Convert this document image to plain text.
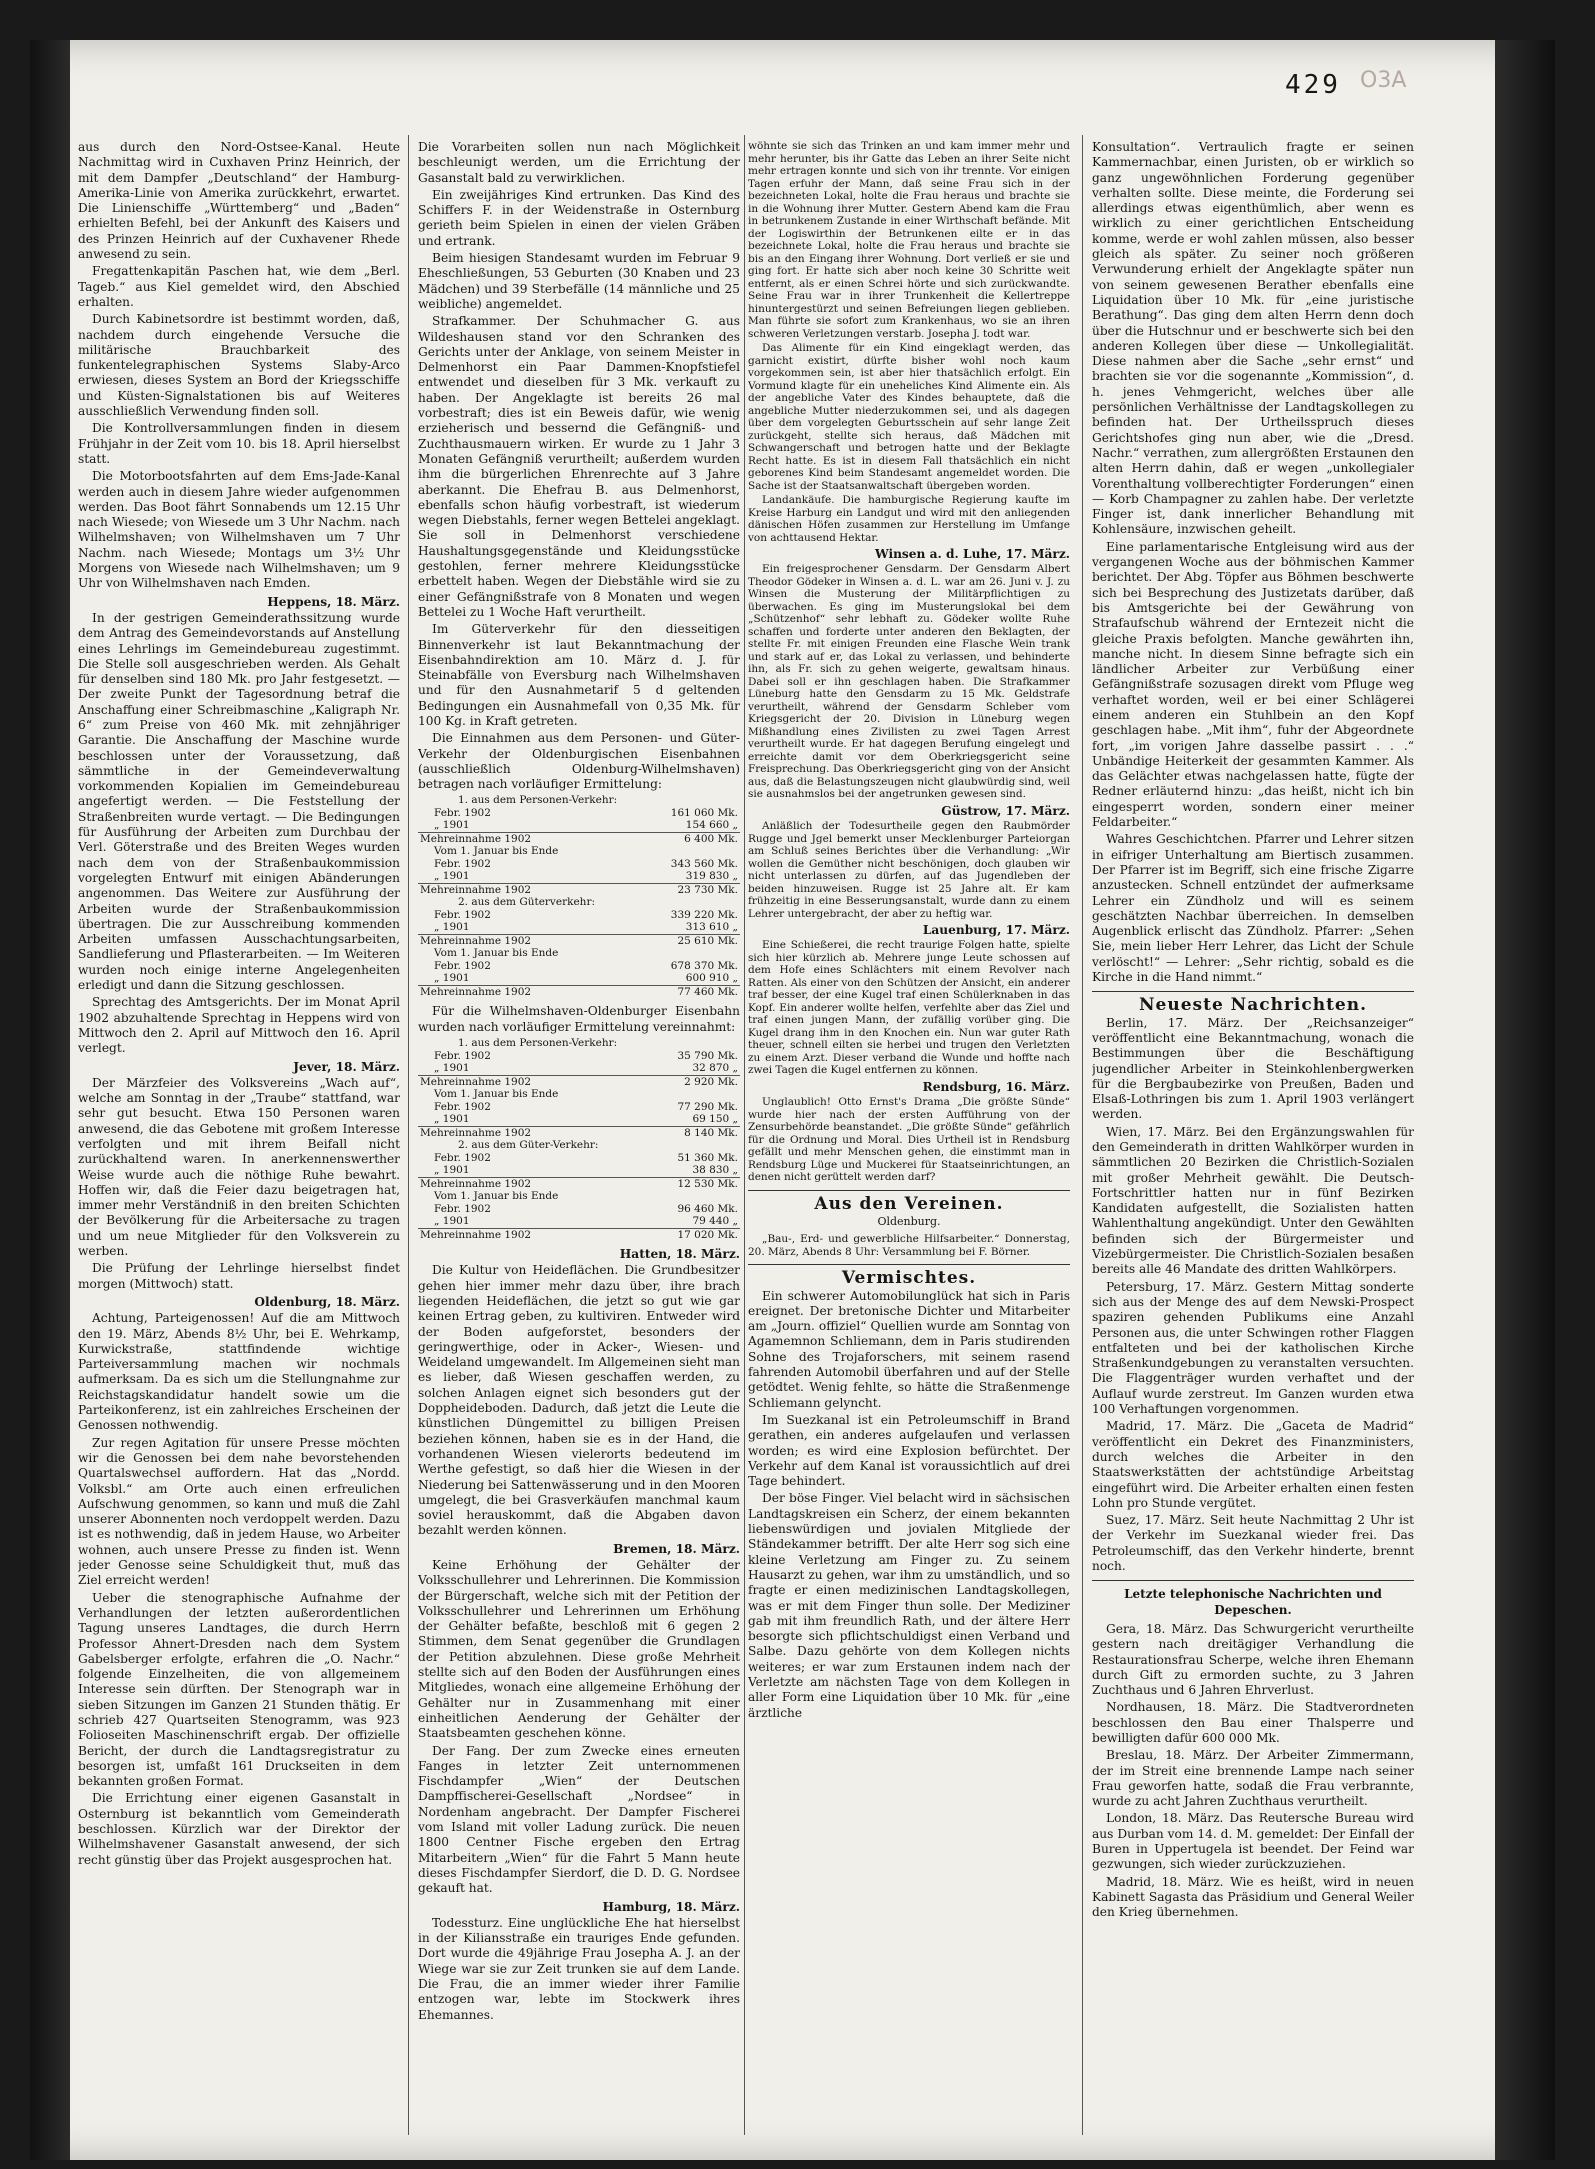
429 O3A

aus durch den Nord-Ostsee-Kanal. Heute Nachmittag wird in Cuxhaven Prinz Heinrich, der mit dem Dampfer „Deutschland“ der Hamburg-Amerika-Linie von Amerika zurückkehrt, erwartet. Die Linienschiffe „Württemberg“ und „Baden“ erhielten Befehl, bei der Ankunft des Kaisers und des Prinzen Heinrich auf der Cuxhavener Rhede anwesend zu sein.

Fregattenkapitän Paschen hat, wie dem „Berl. Tageb.“ aus Kiel gemeldet wird, den Abschied erhalten.

Durch Kabinetsordre ist bestimmt worden, daß, nachdem durch eingehende Versuche die militärische Brauchbarkeit des funkentelegraphischen Systems Slaby-Arco erwiesen, dieses System an Bord der Kriegsschiffe und Küsten-Signalstationen bis auf Weiteres ausschließlich Verwendung finden soll.

Die Kontrollversammlungen finden in diesem Frühjahr in der Zeit vom 10. bis 18. April hierselbst statt.

Die Motorbootsfahrten auf dem Ems-Jade-Kanal werden auch in diesem Jahre wieder aufgenommen werden. Das Boot fährt Sonnabends um 12.15 Uhr nach Wiesede; von Wiesede um 3 Uhr Nachm. nach Wilhelmshaven; von Wilhelmshaven um 7 Uhr Nachm. nach Wiesede; Montags um 3½ Uhr Morgens von Wiesede nach Wilhelmshaven; um 9 Uhr von Wilhelmshaven nach Emden.

Heppens, 18. März.

In der gestrigen Gemeinderathssitzung wurde dem Antrag des Gemeindevorstands auf Anstellung eines Lehrlings im Gemeindebureau zugestimmt. Die Stelle soll ausgeschrieben werden. Als Gehalt für denselben sind 180 Mk. pro Jahr festgesetzt. — Der zweite Punkt der Tagesordnung betraf die Anschaffung einer Schreibmaschine „Kaligraph Nr. 6“ zum Preise von 460 Mk. mit zehnjähriger Garantie. Die Anschaffung der Maschine wurde beschlossen unter der Voraussetzung, daß sämmtliche in der Gemeindeverwaltung vorkommenden Kopialien im Gemeindebureau angefertigt werden. — Die Feststellung der Straßenbreiten wurde vertagt. — Die Bedingungen für Ausführung der Arbeiten zum Durchbau der Verl. Göterstraße und des Breiten Weges wurden nach dem von der Straßenbaukommission vorgelegten Entwurf mit einigen Abänderungen angenommen. Das Weitere zur Ausführung der Arbeiten wurde der Straßenbaukommission übertragen. Die zur Ausschreibung kommenden Arbeiten umfassen Ausschachtungsarbeiten, Sandlieferung und Pflasterarbeiten. — Im Weiteren wurden noch einige interne Angelegenheiten erledigt und dann die Sitzung geschlossen.

Sprechtag des Amtsgerichts. Der im Monat April 1902 abzuhaltende Sprechtag in Heppens wird von Mittwoch den 2. April auf Mittwoch den 16. April verlegt.

Jever, 18. März.

Der Märzfeier des Volksvereins „Wach auf“, welche am Sonntag in der „Traube“ stattfand, war sehr gut besucht. Etwa 150 Personen waren anwesend, die das Gebotene mit großem Interesse verfolgten und mit ihrem Beifall nicht zurückhaltend waren. In anerkennenswerther Weise wurde auch die nöthige Ruhe bewahrt. Hoffen wir, daß die Feier dazu beigetragen hat, immer mehr Verständniß in den breiten Schichten der Bevölkerung für die Arbeitersache zu tragen und um neue Mitglieder für den Volksverein zu werben.

Die Prüfung der Lehrlinge hierselbst findet morgen (Mittwoch) statt.

Oldenburg, 18. März.

Achtung, Parteigenossen! Auf die am Mittwoch den 19. März, Abends 8½ Uhr, bei E. Wehrkamp, Kurwickstraße, stattfindende wichtige Parteiversammlung machen wir nochmals aufmerksam. Da es sich um die Stellungnahme zur Reichstagskandidatur handelt sowie um die Parteikonferenz, ist ein zahlreiches Erscheinen der Genossen nothwendig.

Zur regen Agitation für unsere Presse möchten wir die Genossen bei dem nahe bevorstehenden Quartalswechsel auffordern. Hat das „Nordd. Volksbl.“ am Orte auch einen erfreulichen Aufschwung genommen, so kann und muß die Zahl unserer Abonnenten noch verdoppelt werden. Dazu ist es nothwendig, daß in jedem Hause, wo Arbeiter wohnen, auch unsere Presse zu finden ist. Wenn jeder Genosse seine Schuldigkeit thut, muß das Ziel erreicht werden!

Ueber die stenographische Aufnahme der Verhandlungen der letzten außerordentlichen Tagung unseres Landtages, die durch Herrn Professor Ahnert-Dresden nach dem System Gabelsberger erfolgte, erfahren die „O. Nachr.“ folgende Einzelheiten, die von allgemeinem Interesse sein dürften. Der Stenograph war in sieben Sitzungen im Ganzen 21 Stunden thätig. Er schrieb 427 Quartseiten Stenogramm, was 923 Folioseiten Maschinenschrift ergab. Der offizielle Bericht, der durch die Landtagsregistratur zu besorgen ist, umfaßt 161 Druckseiten in dem bekannten großen Format.

Die Errichtung einer eigenen Gasanstalt in Osternburg ist bekanntlich vom Gemeinderath beschlossen. Kürzlich war der Direktor der Wilhelmshavener Gasanstalt anwesend, der sich recht günstig über das Projekt ausgesprochen hat.

Die Vorarbeiten sollen nun nach Möglichkeit beschleunigt werden, um die Errichtung der Gasanstalt bald zu verwirklichen.

Ein zweijähriges Kind ertrunken. Das Kind des Schiffers F. in der Weidenstraße in Osternburg gerieth beim Spielen in einen der vielen Gräben und ertrank.

Beim hiesigen Standesamt wurden im Februar 9 Eheschließungen, 53 Geburten (30 Knaben und 23 Mädchen) und 39 Sterbefälle (14 männliche und 25 weibliche) angemeldet.

Strafkammer. Der Schuhmacher G. aus Wildeshausen stand vor den Schranken des Gerichts unter der Anklage, von seinem Meister in Delmenhorst ein Paar Dammen-Knopfstiefel entwendet und dieselben für 3 Mk. verkauft zu haben. Der Angeklagte ist bereits 26 mal vorbestraft; dies ist ein Beweis dafür, wie wenig erzieherisch und bessernd die Gefängniß- und Zuchthausmauern wirken. Er wurde zu 1 Jahr 3 Monaten Gefängniß verurtheilt; außerdem wurden ihm die bürgerlichen Ehrenrechte auf 3 Jahre aberkannt. Die Ehefrau B. aus Delmenhorst, ebenfalls schon häufig vorbestraft, ist wiederum wegen Diebstahls, ferner wegen Bettelei angeklagt. Sie soll in Delmenhorst verschiedene Haushaltungsgegenstände und Kleidungsstücke gestohlen, ferner mehrere Kleidungsstücke erbettelt haben. Wegen der Diebstähle wird sie zu einer Gefängnißstrafe von 8 Monaten und wegen Bettelei zu 1 Woche Haft verurtheilt.

Im Güterverkehr für den diesseitigen Binnenverkehr ist laut Bekanntmachung der Eisenbahndirektion am 10. März d. J. für Steinabfälle von Eversburg nach Wilhelmshaven und für den Ausnahmetarif 5 d geltenden Bedingungen ein Ausnahmefall von 0,35 Mk. für 100 Kg. in Kraft getreten.

Die Einnahmen aus dem Personen- und Güter-Verkehr der Oldenburgischen Eisenbahnen (ausschließlich Oldenburg-Wilhelmshaven) betragen nach vorläufiger Ermittelung:

1. aus dem Personen-Verkehr:	
Febr. 1902	161 060 Mk.
„ 1901	154 660 „
Mehreinnahme 1902	6 400 Mk.
Vom 1. Januar bis Ende	
Febr. 1902	343 560 Mk.
„ 1901	319 830 „
Mehreinnahme 1902	23 730 Mk.
2. aus dem Güterverkehr:	
Febr. 1902	339 220 Mk.
„ 1901	313 610 „
Mehreinnahme 1902	25 610 Mk.
Vom 1. Januar bis Ende	
Febr. 1902	678 370 Mk.
„ 1901	600 910 „
Mehreinnahme 1902	77 460 Mk.

Für die Wilhelmshaven-Oldenburger Eisenbahn wurden nach vorläufiger Ermittelung vereinnahmt:

1. aus dem Personen-Verkehr:	
Febr. 1902	35 790 Mk.
„ 1901	32 870 „
Mehreinnahme 1902	2 920 Mk.
Vom 1. Januar bis Ende	
Febr. 1902	77 290 Mk.
„ 1901	69 150 „
Mehreinnahme 1902	8 140 Mk.
2. aus dem Güter-Verkehr:	
Febr. 1902	51 360 Mk.
„ 1901	38 830 „
Mehreinnahme 1902	12 530 Mk.
Vom 1. Januar bis Ende	
Febr. 1902	96 460 Mk.
„ 1901	79 440 „
Mehreinnahme 1902	17 020 Mk.

Hatten, 18. März.

Die Kultur von Heideflächen. Die Grundbesitzer gehen hier immer mehr dazu über, ihre brach liegenden Heideflächen, die jetzt so gut wie gar keinen Ertrag geben, zu kultiviren. Entweder wird der Boden aufgeforstet, besonders der geringwerthige, oder in Acker-, Wiesen- und Weideland umgewandelt. Im Allgemeinen sieht man es lieber, daß Wiesen geschaffen werden, zu solchen Anlagen eignet sich besonders gut der Doppheideboden. Dadurch, daß jetzt die Leute die künstlichen Düngemittel zu billigen Preisen beziehen können, haben sie es in der Hand, die vorhandenen Wiesen vielerorts bedeutend im Werthe gefestigt, so daß hier die Wiesen in der Niederung bei Sattenwässerung und in den Mooren umgelegt, die bei Grasverkäufen manchmal kaum soviel herauskommt, daß die Abgaben davon bezahlt werden können.

Bremen, 18. März.

Keine Erhöhung der Gehälter der Volksschullehrer und Lehrerinnen. Die Kommission der Bürgerschaft, welche sich mit der Petition der Volksschullehrer und Lehrerinnen um Erhöhung der Gehälter befaßte, beschloß mit 6 gegen 2 Stimmen, dem Senat gegenüber die Grundlagen der Petition abzulehnen. Diese große Mehrheit stellte sich auf den Boden der Ausführungen eines Mitgliedes, wonach eine allgemeine Erhöhung der Gehälter nur in Zusammenhang mit einer einheitlichen Aenderung der Gehälter der Staatsbeamten geschehen könne.

Der Fang. Der zum Zwecke eines erneuten Fanges in letzter Zeit unternommenen Fischdampfer „Wien“ der Deutschen Dampffischerei-Gesellschaft „Nordsee“ in Nordenham angebracht. Der Dampfer Fischerei vom Island mit voller Ladung zurück. Die neuen 1800 Centner Fische ergeben den Ertrag Mitarbeitern „Wien“ für die Fahrt 5 Mann heute dieses Fischdampfer Sierdorf, die D. D. G. Nordsee gekauft hat.

Hamburg, 18. März.

Todessturz. Eine unglückliche Ehe hat hierselbst in der Kiliansstraße ein trauriges Ende gefunden. Dort wurde die 49jährige Frau Josepha A. J. an der Wiege war sie zur Zeit trunken sie auf dem Lande. Die Frau, die an immer wieder ihrer Familie entzogen war, lebte im Stockwerk ihres Ehemannes.

wöhnte sie sich das Trinken an und kam immer mehr und mehr herunter, bis ihr Gatte das Leben an ihrer Seite nicht mehr ertragen konnte und sich von ihr trennte. Vor einigen Tagen erfuhr der Mann, daß seine Frau sich in der bezeichneten Lokal, holte die Frau heraus und brachte sie in die Wohnung ihrer Mutter. Gestern Abend kam die Frau in betrunkenem Zustande in einer Wirthschaft befände. Mit der Logiswirthin der Betrunkenen eilte er in das bezeichnete Lokal, holte die Frau heraus und brachte sie bis an den Eingang ihrer Wohnung. Dort verließ er sie und ging fort. Er hatte sich aber noch keine 30 Schritte weit entfernt, als er einen Schrei hörte und sich zurückwandte. Seine Frau war in ihrer Trunkenheit die Kellertreppe hinuntergestürzt und seinen Befreiungen liegen geblieben. Man führte sie sofort zum Krankenhaus, wo sie an ihren schweren Verletzungen verstarb. Josepha J. todt war.

Das Alimente für ein Kind eingeklagt werden, das garnicht existirt, dürfte bisher wohl noch kaum vorgekommen sein, ist aber hier thatsächlich erfolgt. Ein Vormund klagte für ein uneheliches Kind Alimente ein. Als der angebliche Vater des Kindes behauptete, daß die angebliche Mutter niederzukommen sei, und als dagegen über dem vorgelegten Geburtsschein auf sehr lange Zeit zurückgeht, stellte sich heraus, daß Mädchen mit Schwangerschaft und betrogen hatte und der Beklagte Recht hatte. Es ist in diesem Fall thatsächlich ein nicht geborenes Kind beim Standesamt angemeldet worden. Die Sache ist der Staatsanwaltschaft übergeben worden.

Landankäufe. Die hamburgische Regierung kaufte im Kreise Harburg ein Landgut und wird mit den anliegenden dänischen Höfen zusammen zur Herstellung im Umfange von achttausend Hektar.

Winsen a. d. Luhe, 17. März.

Ein freigesprochener Gensdarm. Der Gensdarm Albert Theodor Gödeker in Winsen a. d. L. war am 26. Juni v. J. zu Winsen die Musterung der Militärpflichtigen zu überwachen. Es ging im Musterungslokal bei dem „Schützenhof“ sehr lebhaft zu. Gödeker wollte Ruhe schaffen und forderte unter anderen den Beklagten, der stellte Fr. mit einigen Freunden eine Flasche Wein trank und stark auf er, das Lokal zu verlassen, und behinderte ihn, als Fr. sich zu gehen weigerte, gewaltsam hinaus. Dabei soll er ihn geschlagen haben. Die Strafkammer Lüneburg hatte den Gensdarm zu 15 Mk. Geldstrafe verurtheilt, während der Gensdarm Schleber vom Kriegsgericht der 20. Division in Lüneburg wegen Mißhandlung eines Zivilisten zu zwei Tagen Arrest verurtheilt wurde. Er hat dagegen Berufung eingelegt und erreichte damit vor dem Oberkriegsgericht seine Freisprechung. Das Oberkriegsgericht ging von der Ansicht aus, daß die Belastungszeugen nicht glaubwürdig sind, weil sie ausnahmslos bei der angetrunken gewesen sind.

Güstrow, 17. März.

Anläßlich der Todesurtheile gegen den Raubmörder Rugge und Jgel bemerkt unser Mecklenburger Parteiorgan am Schluß seines Berichtes über die Verhandlung: „Wir wollen die Gemüther nicht beschönigen, doch glauben wir nicht unterlassen zu dürfen, auf das Jugendleben der beiden hinzuweisen. Rugge ist 25 Jahre alt. Er kam frühzeitig in eine Besserungsanstalt, wurde dann zu einem Lehrer untergebracht, der aber zu heftig war.

Lauenburg, 17. März.

Eine Schießerei, die recht traurige Folgen hatte, spielte sich hier kürzlich ab. Mehrere junge Leute schossen auf dem Hofe eines Schlächters mit einem Revolver nach Ratten. Als einer von den Schützen der Ansicht, ein anderer traf besser, der eine Kugel traf einen Schülerknaben in das Kopf. Ein anderer wollte helfen, verfehlte aber das Ziel und traf einen jungen Mann, der zufällig vorüber ging. Die Kugel drang ihm in den Knochen ein. Nun war guter Rath theuer, schnell eilten sie herbei und trugen den Verletzten zu einem Arzt. Dieser verband die Wunde und hoffte nach zwei Tagen die Kugel entfernen zu können.

Rendsburg, 16. März.

Unglaublich! Otto Ernst's Drama „Die größte Sünde“ wurde hier nach der ersten Aufführung von der Zensurbehörde beanstandet. „Die größte Sünde“ gefährlich für die Ordnung und Moral. Dies Urtheil ist in Rendsburg gefällt und mehr Menschen gehen, die einstimmt man in Rendsburg Lüge und Muckerei für Staatseinrichtungen, an denen nicht gerüttelt werden darf?

Aus den Vereinen.

Oldenburg.

„Bau-, Erd- und gewerbliche Hilfsarbeiter.“ Donnerstag, 20. März, Abends 8 Uhr: Versammlung bei F. Börner.

Vermischtes.

Ein schwerer Automobilunglück hat sich in Paris ereignet. Der bretonische Dichter und Mitarbeiter am „Journ. offiziel“ Quellien wurde am Sonntag von Agamemnon Schliemann, dem in Paris studirenden Sohne des Trojaforschers, mit seinem rasend fahrenden Automobil überfahren und auf der Stelle getödtet. Wenig fehlte, so hätte die Straßenmenge Schliemann gelyncht.

Im Suezkanal ist ein Petroleumschiff in Brand gerathen, ein anderes aufgelaufen und verlassen worden; es wird eine Explosion befürchtet. Der Verkehr auf dem Kanal ist voraussichtlich auf drei Tage behindert.

Der böse Finger. Viel belacht wird in sächsischen Landtagskreisen ein Scherz, der einem bekannten liebenswürdigen und jovialen Mitgliede der Ständekammer betrifft. Der alte Herr sog sich eine kleine Verletzung am Finger zu. Zu seinem Hausarzt zu gehen, war ihm zu umständlich, und so fragte er einen medizinischen Landtagskollegen, was er mit dem Finger thun solle. Der Mediziner gab mit ihm freundlich Rath, und der ältere Herr besorgte sich pflichtschuldigst einen Verband und Salbe. Dazu gehörte von dem Kollegen nichts weiteres; er war zum Erstaunen indem nach der Verletzte am nächsten Tage von dem Kollegen in aller Form eine Liquidation über 10 Mk. für „eine ärztliche

Konsultation“. Vertraulich fragte er seinen Kammernachbar, einen Juristen, ob er wirklich so ganz ungewöhnlichen Forderung gegenüber verhalten sollte. Diese meinte, die Forderung sei allerdings etwas eigenthümlich, aber wenn es wirklich zu einer gerichtlichen Entscheidung komme, werde er wohl zahlen müssen, also besser gleich als später. Zu seiner noch größeren Verwunderung erhielt der Angeklagte später nun von seinem gewesenen Berather ebenfalls eine Liquidation über 10 Mk. für „eine juristische Berathung“. Das ging dem alten Herrn denn doch über die Hutschnur und er beschwerte sich bei den anderen Kollegen über diese — Unkollegialität. Diese nahmen aber die Sache „sehr ernst“ und brachten sie vor die sogenannte „Kommission“, d. h. jenes Vehmgericht, welches über alle persönlichen Verhältnisse der Landtagskollegen zu befinden hat. Der Urtheilsspruch dieses Gerichtshofes ging nun aber, wie die „Dresd. Nachr.“ verrathen, zum allergrößten Erstaunen den alten Herrn dahin, daß er wegen „unkollegialer Vorenthaltung vollberechtigter Forderungen“ einen — Korb Champagner zu zahlen habe. Der verletzte Finger ist, dank innerlicher Behandlung mit Kohlensäure, inzwischen geheilt.

Eine parlamentarische Entgleisung wird aus der vergangenen Woche aus der böhmischen Kammer berichtet. Der Abg. Töpfer aus Böhmen beschwerte sich bei Besprechung des Justizetats darüber, daß bis Amtsgerichte bei der Gewährung von Strafaufschub während der Erntezeit nicht die gleiche Praxis befolgten. Manche gewährten ihn, manche nicht. In diesem Sinne befragte sich ein ländlicher Arbeiter zur Verbüßung einer Gefängnißstrafe sozusagen direkt vom Pfluge weg verhaftet worden, weil er bei einer Schlägerei einem anderen ein Stuhlbein an den Kopf geschlagen habe. „Mit ihm“, fuhr der Abgeordnete fort, „im vorigen Jahre dasselbe passirt . . .“ Unbändige Heiterkeit der gesammten Kammer. Als das Gelächter etwas nachgelassen hatte, fügte der Redner erläuternd hinzu: „das heißt, nicht ich bin eingesperrt worden, sondern einer meiner Feldarbeiter.“

Wahres Geschichtchen. Pfarrer und Lehrer sitzen in eifriger Unterhaltung am Biertisch zusammen. Der Pfarrer ist im Begriff, sich eine frische Zigarre anzustecken. Schnell entzündet der aufmerksame Lehrer ein Zündholz und will es seinem geschätzten Nachbar überreichen. In demselben Augenblick erlischt das Zündholz. Pfarrer: „Sehen Sie, mein lieber Herr Lehrer, das Licht der Schule verlöscht!“ — Lehrer: „Sehr richtig, sobald es die Kirche in die Hand nimmt.“

Neueste Nachrichten.

Berlin, 17. März. Der „Reichsanzeiger“ veröffentlicht eine Bekanntmachung, wonach die Bestimmungen über die Beschäftigung jugendlicher Arbeiter in Steinkohlenbergwerken für die Bergbaubezirke von Preußen, Baden und Elsaß-Lothringen bis zum 1. April 1903 verlängert werden.

Wien, 17. März. Bei den Ergänzungswahlen für den Gemeinderath in dritten Wahlkörper wurden in sämmtlichen 20 Bezirken die Christlich-Sozialen mit großer Mehrheit gewählt. Die Deutsch-Fortschrittler hatten nur in fünf Bezirken Kandidaten aufgestellt, die Sozialisten hatten Wahlenthaltung angekündigt. Unter den Gewählten befinden sich der Bürgermeister und Vizebürgermeister. Die Christlich-Sozialen besaßen bereits alle 46 Mandate des dritten Wahlkörpers.

Petersburg, 17. März. Gestern Mittag sonderte sich aus der Menge des auf dem Newski-Prospect spaziren gehenden Publikums eine Anzahl Personen aus, die unter Schwingen rother Flaggen entfalteten und bei der katholischen Kirche Straßenkundgebungen zu veranstalten versuchten. Die Flaggenträger wurden verhaftet und der Auflauf wurde zerstreut. Im Ganzen wurden etwa 100 Verhaftungen vorgenommen.

Madrid, 17. März. Die „Gaceta de Madrid“ veröffentlicht ein Dekret des Finanzministers, durch welches die Arbeiter in den Staatswerkstätten der achtstündige Arbeitstag eingeführt wird. Die Arbeiter erhalten einen festen Lohn pro Stunde vergütet.

Suez, 17. März. Seit heute Nachmittag 2 Uhr ist der Verkehr im Suezkanal wieder frei. Das Petroleumschiff, das den Verkehr hinderte, brennt noch.

Letzte telephonische Nachrichten und Depeschen.

Gera, 18. März. Das Schwurgericht verurtheilte gestern nach dreitägiger Verhandlung die Restaurationsfrau Scherpe, welche ihren Ehemann durch Gift zu ermorden suchte, zu 3 Jahren Zuchthaus und 6 Jahren Ehrverlust.

Nordhausen, 18. März. Die Stadtverordneten beschlossen den Bau einer Thalsperre und bewilligten dafür 600 000 Mk.

Breslau, 18. März. Der Arbeiter Zimmermann, der im Streit eine brennende Lampe nach seiner Frau geworfen hatte, sodaß die Frau verbrannte, wurde zu acht Jahren Zuchthaus verurtheilt.

London, 18. März. Das Reutersche Bureau wird aus Durban vom 14. d. M. gemeldet: Der Einfall der Buren in Uppertugela ist beendet. Der Feind war gezwungen, sich wieder zurückzuziehen.

Madrid, 18. März. Wie es heißt, wird in neuen Kabinett Sagasta das Präsidium und General Weiler den Krieg übernehmen.
